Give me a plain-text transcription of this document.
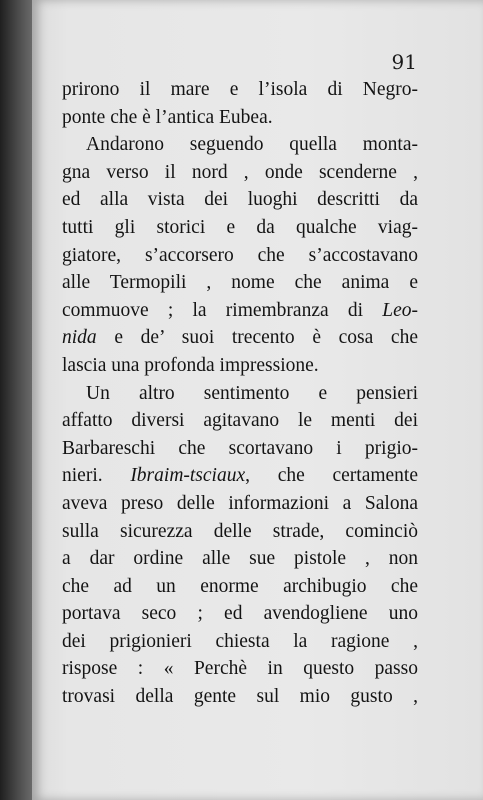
91
prirono il mare e l’isola di Negro-
ponte che è l’antica Eubea.
Andarono seguendo quella monta-
gna verso il nord , onde scenderne ,
ed alla vista dei luoghi descritti da
tutti gli storici e da qualche viag-
giatore, s’accorsero che s’accostavano
alle Termopili , nome che anima e
commuove ; la rimembranza di Leo-
nida e de’ suoi trecento è cosa che
lascia una profonda impressione.
Un altro sentimento e pensieri
affatto diversi agitavano le menti dei
Barbareschi che scortavano i prigio-
nieri. Ibraim-tsciaux, che certamente
aveva preso delle informazioni a Salona
sulla sicurezza delle strade, cominciò
a dar ordine alle sue pistole , non
che ad un enorme archibugio che
portava seco ; ed avendogliene uno
dei prigionieri chiesta la ragione ,
rispose : « Perchè in questo passo
trovasi della gente sul mio gusto ,
